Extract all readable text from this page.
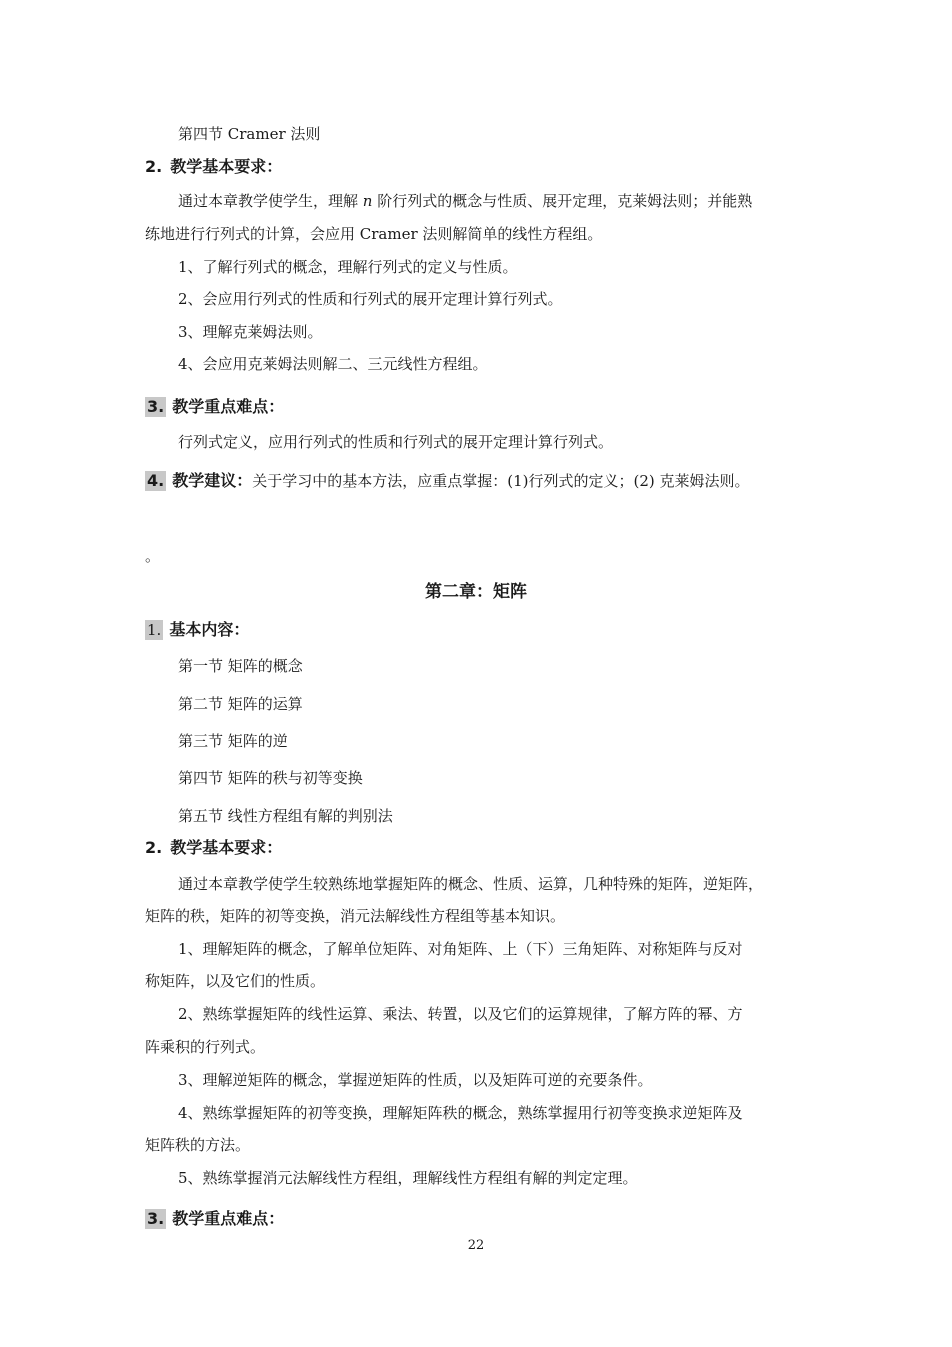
第四节 Cramer 法则
2. 教学基本要求：
通过本章教学使学生，理解 n 阶行列式的概念与性质、展开定理，克莱姆法则；并能熟
练地进行行列式的计算，会应用 Cramer 法则解简单的线性方程组。
1、了解行列式的概念，理解行列式的定义与性质。
2、会应用行列式的性质和行列式的展开定理计算行列式。
3、理解克莱姆法则。
4、会应用克莱姆法则解二、三元线性方程组。
3. 教学重点难点：
行列式定义，应用行列式的性质和行列式的展开定理计算行列式。
4. 教学建议：关于学习中的基本方法，应重点掌握：(1)行列式的定义；(2) 克莱姆法则。
。
第二章：矩阵
1. 基本内容：
第一节 矩阵的概念
第二节 矩阵的运算
第三节 矩阵的逆
第四节 矩阵的秩与初等变换
第五节 线性方程组有解的判别法
2. 教学基本要求：
通过本章教学使学生较熟练地掌握矩阵的概念、性质、运算，几种特殊的矩阵，逆矩阵，
矩阵的秩，矩阵的初等变换，消元法解线性方程组等基本知识。
1、理解矩阵的概念，了解单位矩阵、对角矩阵、上（下）三角矩阵、对称矩阵与反对
称矩阵，以及它们的性质。
2、熟练掌握矩阵的线性运算、乘法、转置，以及它们的运算规律，了解方阵的幂、方
阵乘积的行列式。
3、理解逆矩阵的概念，掌握逆矩阵的性质，以及矩阵可逆的充要条件。
4、熟练掌握矩阵的初等变换，理解矩阵秩的概念，熟练掌握用行初等变换求逆矩阵及
矩阵秩的方法。
5、熟练掌握消元法解线性方程组，理解线性方程组有解的判定定理。
3. 教学重点难点：
22
